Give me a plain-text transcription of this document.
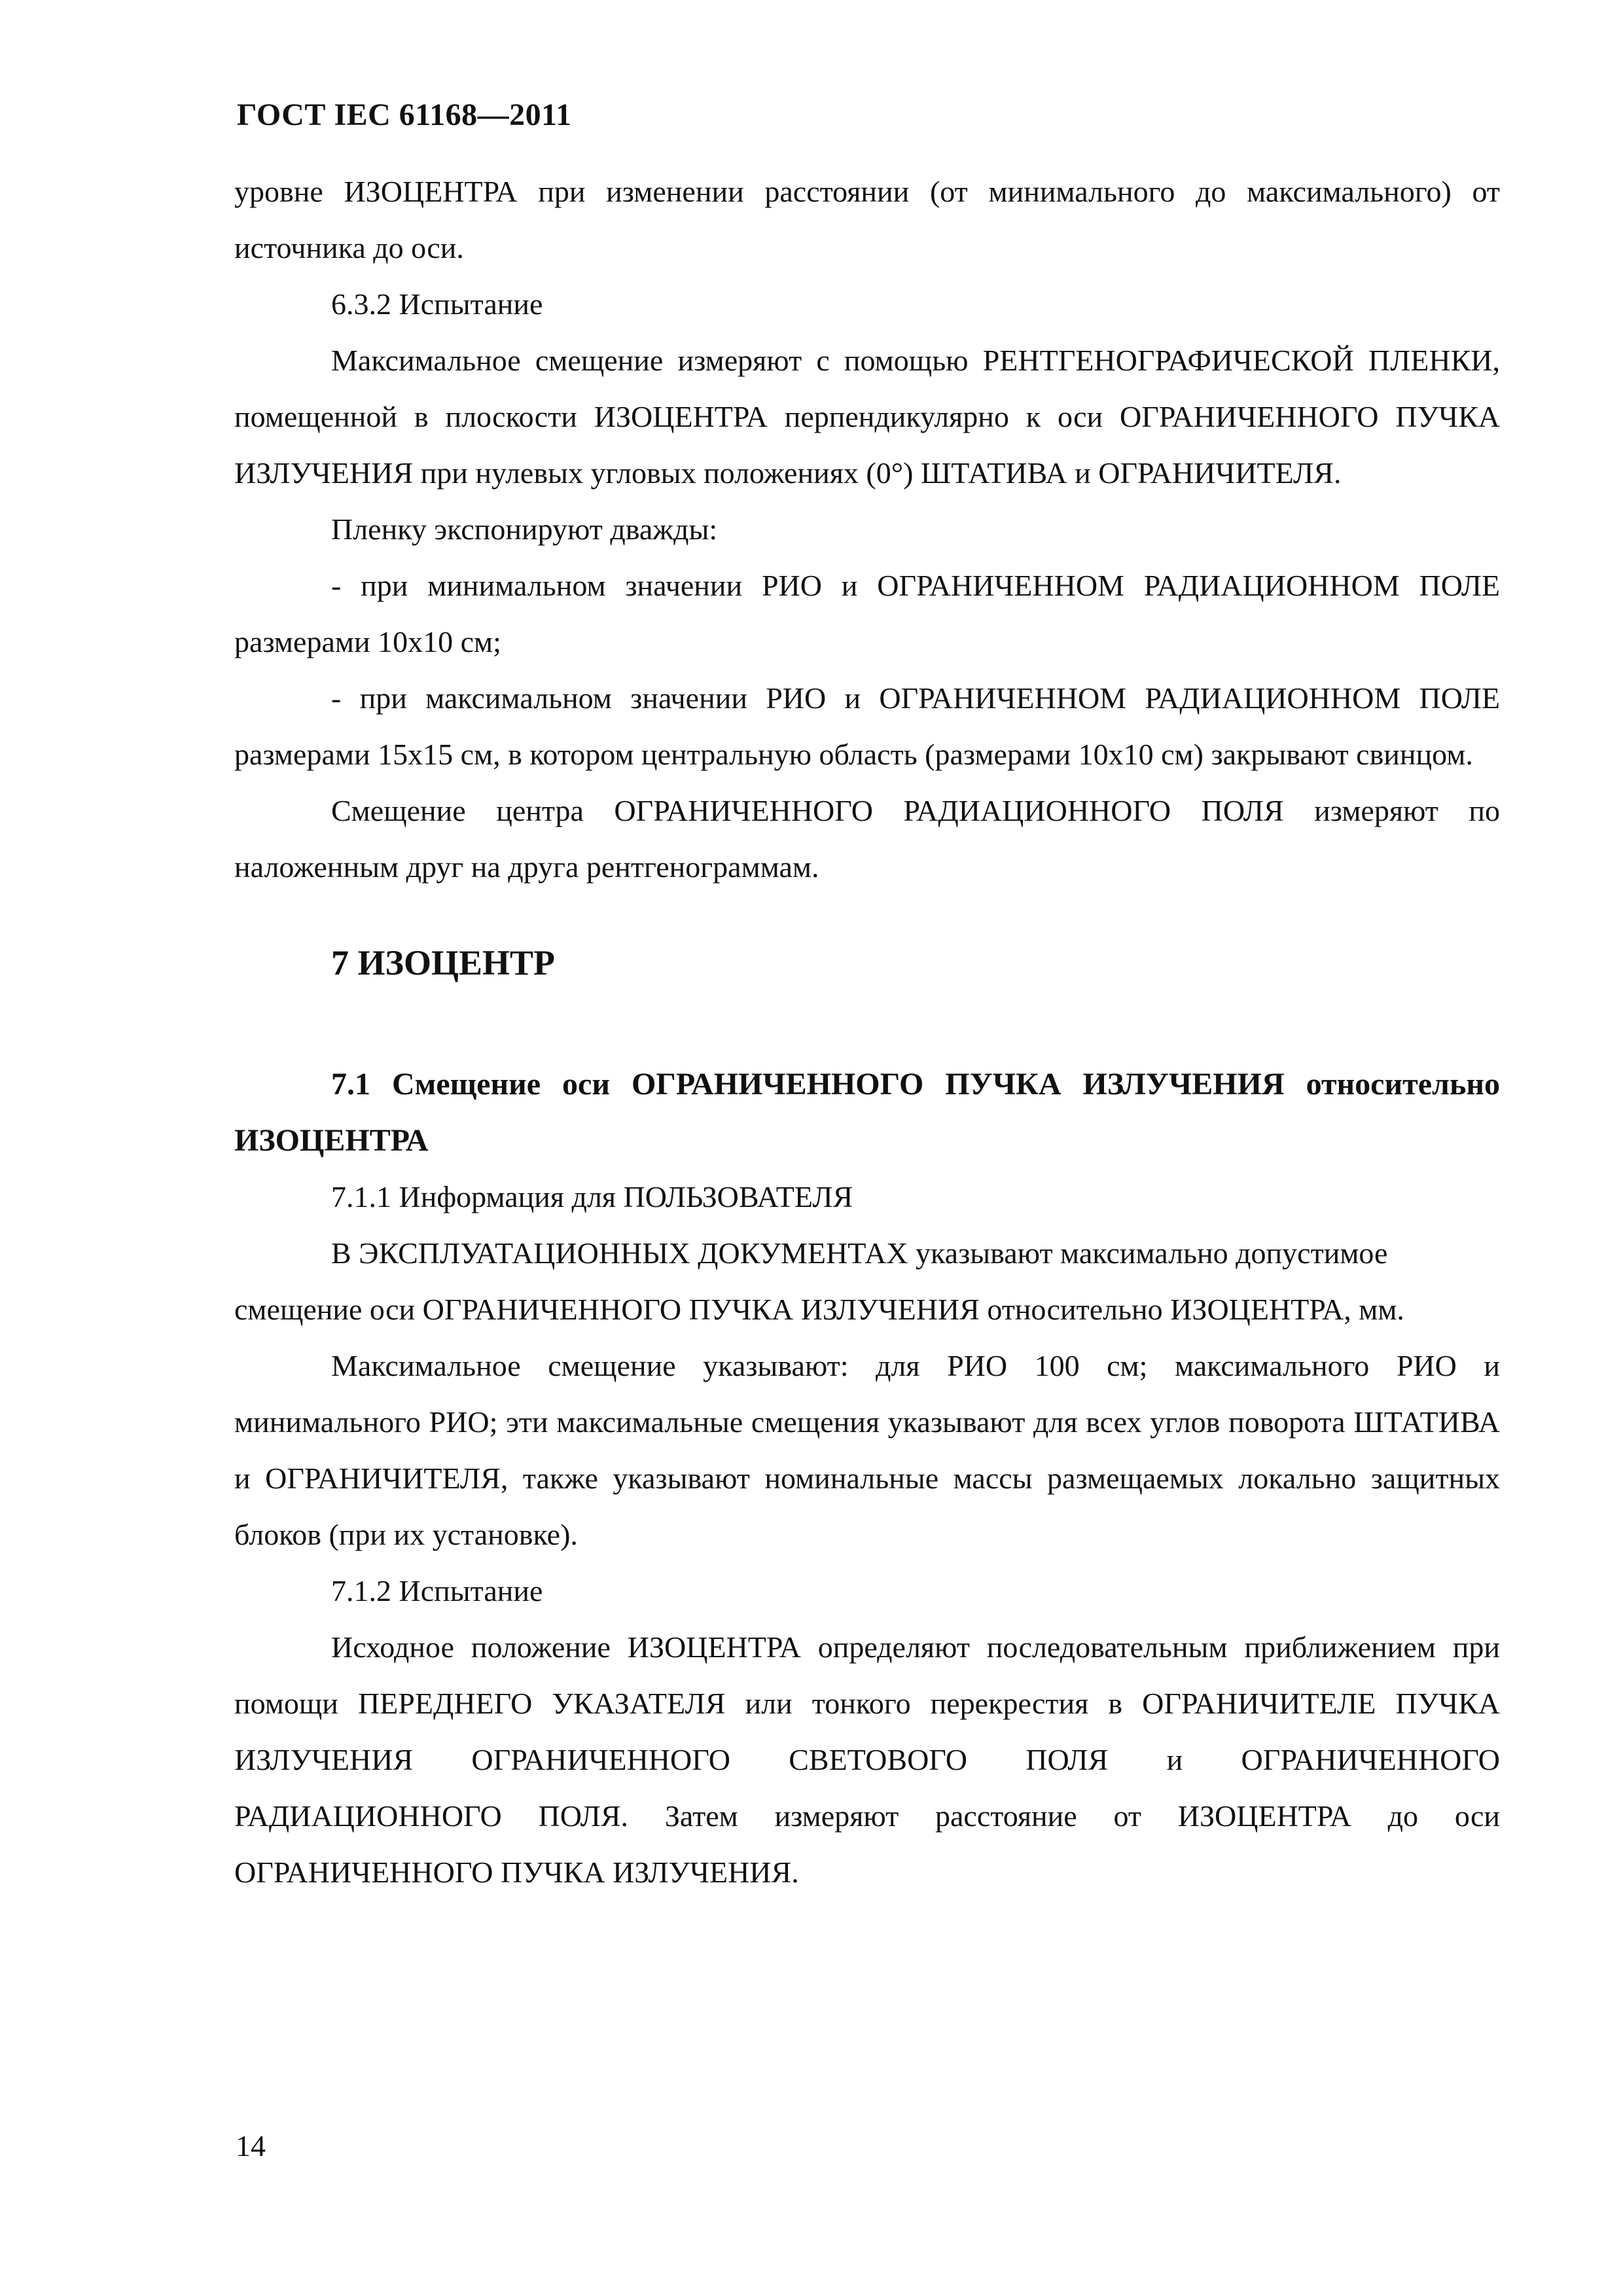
ГОСТ IEC 61168—2011

уровне ИЗОЦЕНТРА при изменении расстоянии (от минимального до максимального) от источника до оси.

6.3.2 Испытание

Максимальное смещение измеряют с помощью РЕНТГЕНОГРАФИЧЕСКОЙ ПЛЕНКИ, помещенной в плоскости ИЗОЦЕНТРА перпендикулярно к оси ОГРАНИЧЕННОГО ПУЧКА ИЗЛУЧЕНИЯ при нулевых угловых положениях (0°) ШТАТИВА и ОГРАНИЧИТЕЛЯ.

Пленку экспонируют дважды:

- при минимальном значении РИО и ОГРАНИЧЕННОМ РАДИАЦИОННОМ ПОЛЕ размерами 10x10 см;

- при максимальном значении РИО и ОГРАНИЧЕННОМ РАДИАЦИОННОМ ПОЛЕ размерами 15x15 см, в котором центральную область (размерами 10x10 см) закрывают свинцом.

Смещение центра ОГРАНИЧЕННОГО РАДИАЦИОННОГО ПОЛЯ измеряют по наложенным друг на друга рентгенограммам.

7 ИЗОЦЕНТР

7.1 Смещение оси ОГРАНИЧЕННОГО ПУЧКА ИЗЛУЧЕНИЯ относительно ИЗОЦЕНТРА

7.1.1 Информация для ПОЛЬЗОВАТЕЛЯ

В ЭКСПЛУАТАЦИОННЫХ ДОКУМЕНТАХ указывают максимально допустимое смещение оси ОГРАНИЧЕННОГО ПУЧКА ИЗЛУЧЕНИЯ относительно ИЗОЦЕНТРА, мм.

Максимальное смещение указывают: для РИО 100 см; максимального РИО и минимального РИО; эти максимальные смещения указывают для всех углов поворота ШТАТИВА и ОГРАНИЧИТЕЛЯ, также указывают номинальные массы размещаемых локально защитных блоков (при их установке).

7.1.2 Испытание

Исходное положение ИЗОЦЕНТРА определяют последовательным приближением при помощи ПЕРЕДНЕГО УКАЗАТЕЛЯ или тонкого перекрестия в ОГРАНИЧИТЕЛЕ ПУЧКА ИЗЛУЧЕНИЯ ОГРАНИЧЕННОГО СВЕТОВОГО ПОЛЯ и ОГРАНИЧЕННОГО РАДИАЦИОННОГО ПОЛЯ. Затем измеряют расстояние от ИЗОЦЕНТРА до оси ОГРАНИЧЕННОГО ПУЧКА ИЗЛУЧЕНИЯ.

14
